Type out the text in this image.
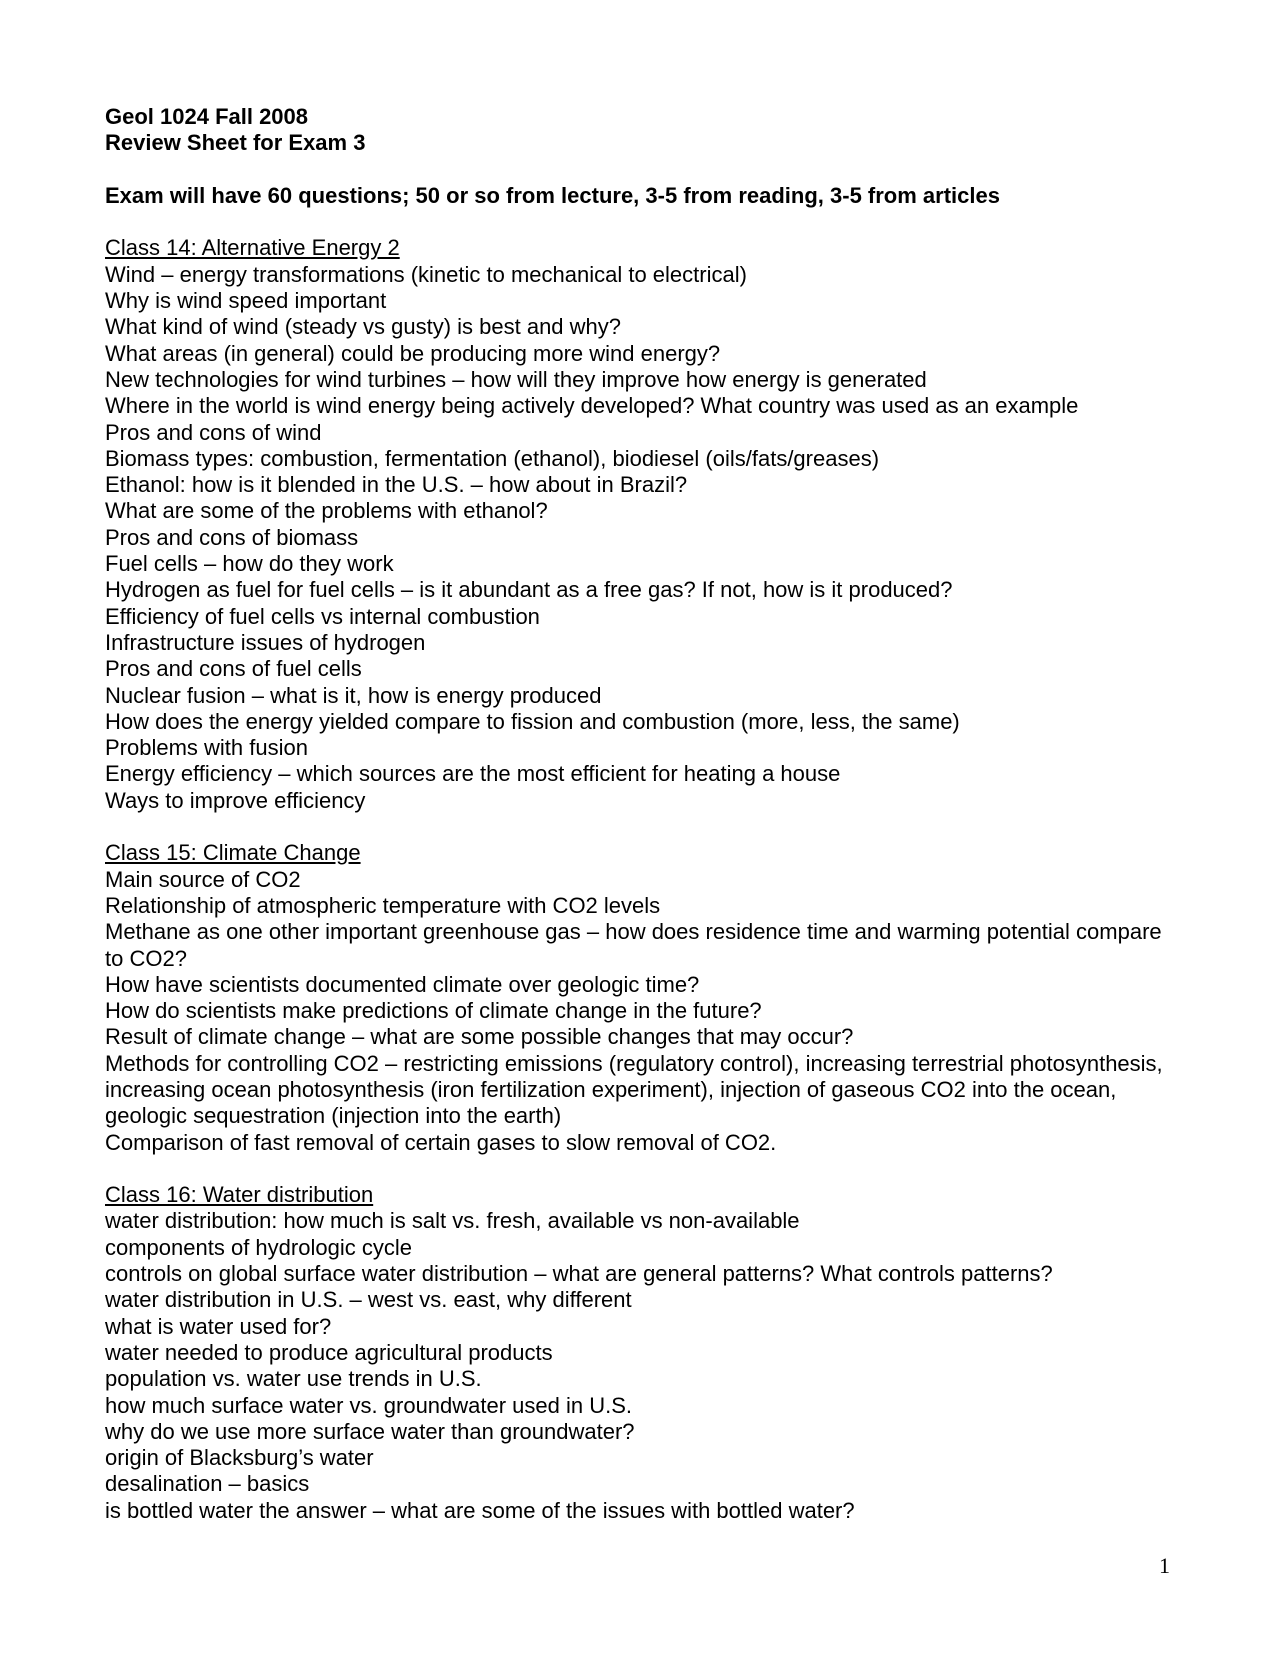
Geol 1024 Fall 2008

Review Sheet for Exam 3

Exam will have 60 questions; 50 or so from lecture, 3-5 from reading, 3-5 from articles

Class 14: Alternative Energy 2

Wind – energy transformations (kinetic to mechanical to electrical)

Why is wind speed important

What kind of wind (steady vs gusty) is best and why?

What areas (in general) could be producing more wind energy?

New technologies for wind turbines – how will they improve how energy is generated

Where in the world is wind energy being actively developed? What country was used as an example

Pros and cons of wind

Biomass types: combustion, fermentation (ethanol), biodiesel (oils/fats/greases)

Ethanol: how is it blended in the U.S. – how about in Brazil?

What are some of the problems with ethanol?

Pros and cons of biomass

Fuel cells – how do they work

Hydrogen as fuel for fuel cells – is it abundant as a free gas? If not, how is it produced?

Efficiency of fuel cells vs internal combustion

Infrastructure issues of hydrogen

Pros and cons of fuel cells

Nuclear fusion – what is it, how is energy produced

How does the energy yielded compare to fission and combustion (more, less, the same)

Problems with fusion

Energy efficiency – which sources are the most efficient for heating a house

Ways to improve efficiency

Class 15: Climate Change

Main source of CO2

Relationship of atmospheric temperature with CO2 levels

Methane as one other important greenhouse gas – how does residence time and warming potential compare to CO2?

How have scientists documented climate over geologic time?

How do scientists make predictions of climate change in the future?

Result of climate change – what are some possible changes that may occur?

Methods for controlling CO2 – restricting emissions (regulatory control), increasing terrestrial photosynthesis, increasing ocean photosynthesis (iron fertilization experiment), injection of gaseous CO2 into the ocean, geologic sequestration (injection into the earth)

Comparison of fast removal of certain gases to slow removal of CO2.

Class 16: Water distribution

water distribution: how much is salt vs. fresh, available vs non-available

components of hydrologic cycle

controls on global surface water distribution – what are general patterns? What controls patterns?

water distribution in U.S. – west vs. east, why different

what is water used for?

water needed to produce agricultural products

population vs. water use trends in U.S.

how much surface water vs. groundwater used in U.S.

why do we use more surface water than groundwater?

origin of Blacksburg’s water

desalination – basics

is bottled water the answer – what are some of the issues with bottled water?

1
